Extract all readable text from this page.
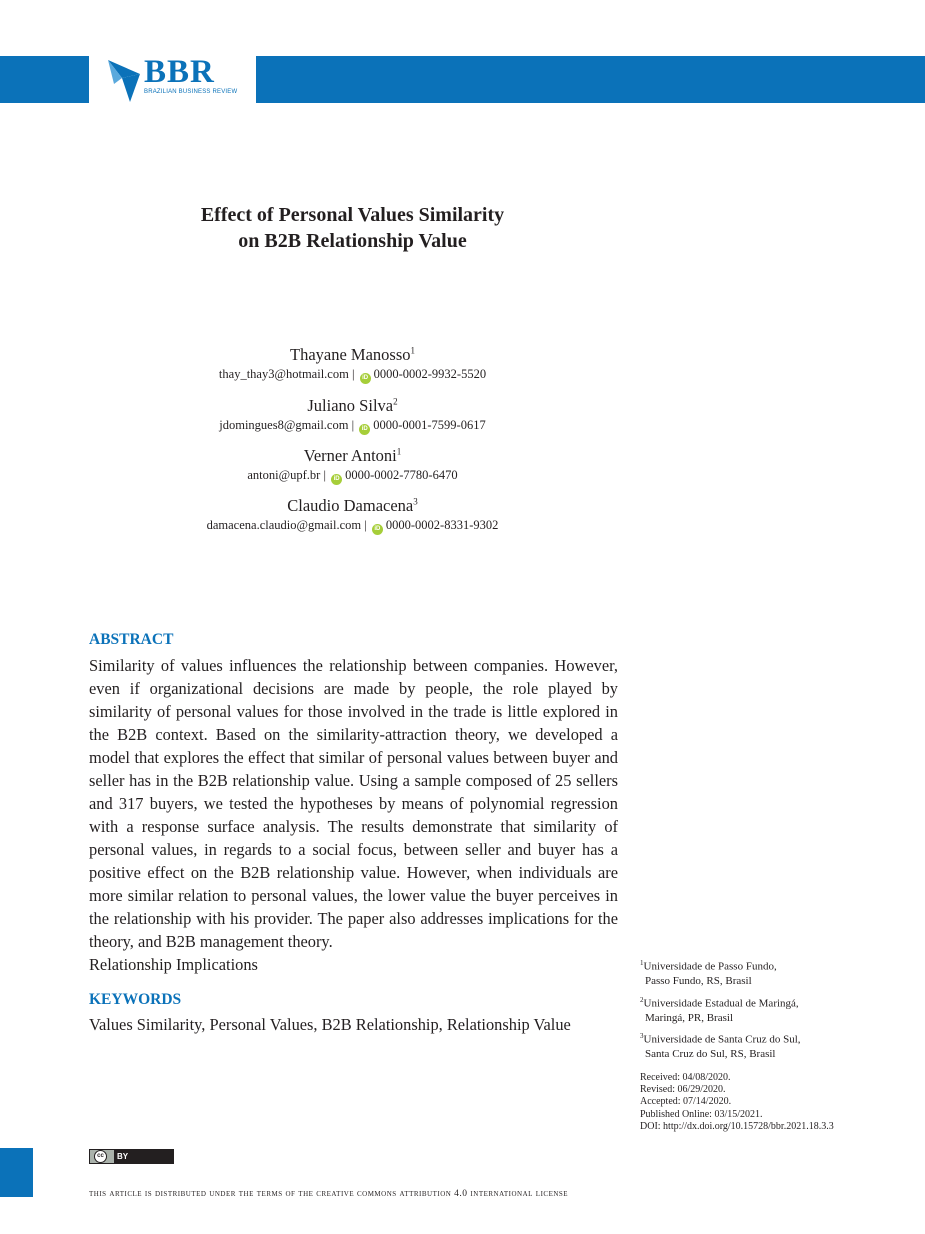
BBR
BRAZILIAN BUSINESS REVIEW
Effect of Personal Values Similarity
on B2B Relationship Value
Thayane Manosso$^1$
thay_thay3@hotmail.com | iD 0000-0002-9932-5520
Juliano Silva$^2$
jdomingues8@gmail.com | iD 0000-0001-7599-0617
Verner Antoni$^1$
antoni@upf.br | iD 0000-0002-7780-6470
Claudio Damacena$^3$
damacena.claudio@gmail.com | iD 0000-0002-8331-9302
ABSTRACT
Similarity of values influences the relationship between companies. However, even if organizational decisions are made by people, the role played by similarity of personal values for those involved in the trade is little explored in the B2B context. Based on the similarity-attraction theory, we developed a model that explores the effect that similar of personal values between buyer and seller has in the B2B relationship value. Using a sample composed of 25 sellers and 317 buyers, we tested the hypotheses by means of polynomial regression with a response surface analysis. The results demonstrate that similarity of personal values, in regards to a social focus, between seller and buyer has a positive effect on the B2B relationship value. However, when individuals are more similar relation to personal values, the lower value the buyer perceives in the relationship with his provider. The paper also addresses implications for the theory, and B2B management theory.
Relationship Implications
KEYWORDS
Values Similarity, Personal Values, B2B Relationship, Relationship Value
$^1$Universidade de Passo Fundo,
Passo Fundo, RS, Brasil
$^2$Universidade Estadual de Maringá,
Maringá, PR, Brasil
$^3$Universidade de Santa Cruz do Sul,
Santa Cruz do Sul, RS, Brasil
Received: 04/08/2020.
Revised: 06/29/2020.
Accepted: 07/14/2020.
Published Online: 03/15/2021.
DOI: http://dx.doi.org/10.15728/bbr.2021.18.3.3
cc	BY
this article is distributed under the terms of the creative commons attribution 4.0 international license
